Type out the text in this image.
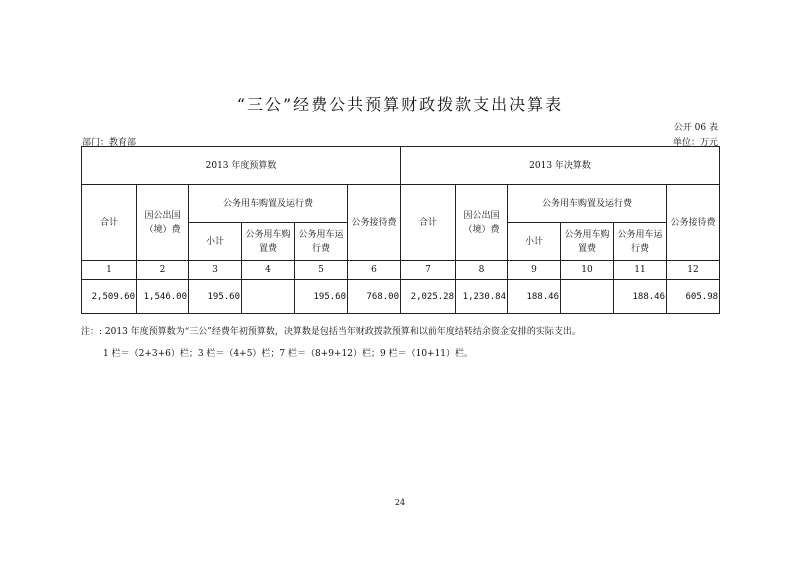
“三公”经费公共预算财政拨款支出决算表
公开 06 表
部门：教育部	单位：万元
2013 年度预算数						2013 年决算数					
合计	因公出国（境）费	公务用车购置及运行费			公务接待费	合计	因公出国（境）费	公务用车购置及运行费			公务接待费
		小计	公务用车购置费	公务用车运行费				小计	公务用车购置费	公务用车运行费	
1	2	3	4	5	6	7	8	9	10	11	12
2,509.60	1,546.00	195.60		195.60	768.00	2,025.28	1,230.84	188.46		188.46	605.98
注：: 2013 年度预算数为“三公”经费年初预算数，决算数是包括当年财政拨款预算和以前年度结转结余资金安排的实际支出。
1 栏＝（2+3+6）栏；3 栏＝（4+5）栏；7 栏＝（8+9+12）栏；9 栏＝（10+11）栏。
24
